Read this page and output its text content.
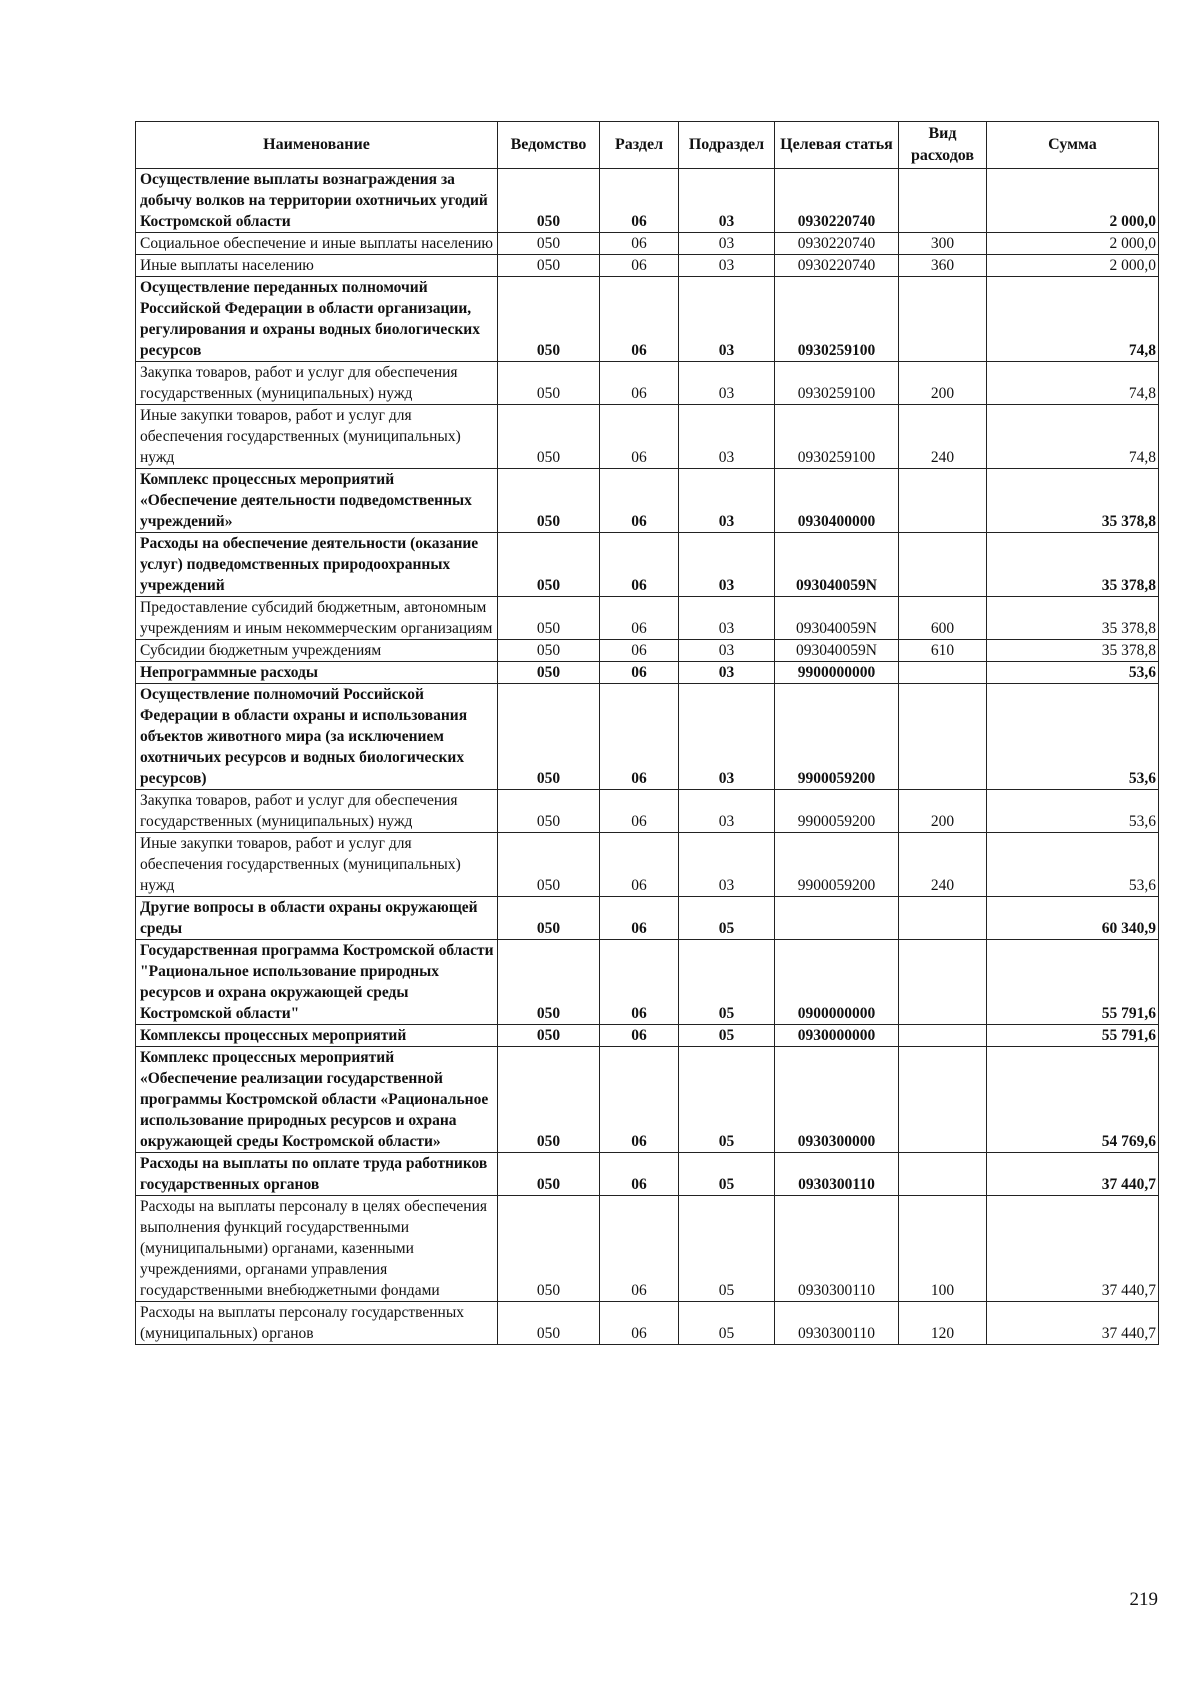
Наименование	Ведомство	Раздел	Подраздел	Целевая статья	Вид расходов	Сумма
Осуществление выплаты вознаграждения за добычу волков на территории охотничьих угодий Костромской области	050	06	03	0930220740		2 000,0
Социальное обеспечение и иные выплаты населению	050	06	03	0930220740	300	2 000,0
Иные выплаты населению	050	06	03	0930220740	360	2 000,0
Осуществление переданных полномочий Российской Федерации в области организации, регулирования и охраны водных биологических ресурсов	050	06	03	0930259100		74,8
Закупка товаров, работ и услуг для обеспечения государственных (муниципальных) нужд	050	06	03	0930259100	200	74,8
Иные закупки товаров, работ и услуг для обеспечения государственных (муниципальных) нужд	050	06	03	0930259100	240	74,8
Комплекс процессных мероприятий «Обеспечение деятельности подведомственных учреждений»	050	06	03	0930400000		35 378,8
Расходы на обеспечение деятельности (оказание услуг) подведомственных природоохранных учреждений	050	06	03	093040059N		35 378,8
Предоставление субсидий бюджетным, автономным учреждениям и иным некоммерческим организациям	050	06	03	093040059N	600	35 378,8
Субсидии бюджетным учреждениям	050	06	03	093040059N	610	35 378,8
Непрограммные расходы	050	06	03	9900000000		53,6
Осуществление полномочий Российской Федерации в области охраны и использования объектов животного мира (за исключением охотничьих ресурсов и водных биологических ресурсов)	050	06	03	9900059200		53,6
Закупка товаров, работ и услуг для обеспечения государственных (муниципальных) нужд	050	06	03	9900059200	200	53,6
Иные закупки товаров, работ и услуг для обеспечения государственных (муниципальных) нужд	050	06	03	9900059200	240	53,6
Другие вопросы в области охраны окружающей среды	050	06	05			60 340,9
Государственная программа Костромской области "Рациональное использование природных ресурсов и охрана окружающей среды Костромской области"	050	06	05	0900000000		55 791,6
Комплексы процессных мероприятий	050	06	05	0930000000		55 791,6
Комплекс процессных мероприятий «Обеспечение реализации государственной программы Костромской области «Рациональное использование природных ресурсов и охрана окружающей среды Костромской области»	050	06	05	0930300000		54 769,6
Расходы на выплаты по оплате труда работников государственных органов	050	06	05	0930300110		37 440,7
Расходы на выплаты персоналу в целях обеспечения выполнения функций государственными (муниципальными) органами, казенными учреждениями, органами управления государственными внебюджетными фондами	050	06	05	0930300110	100	37 440,7
Расходы на выплаты персоналу государственных (муниципальных) органов	050	06	05	0930300110	120	37 440,7
219
